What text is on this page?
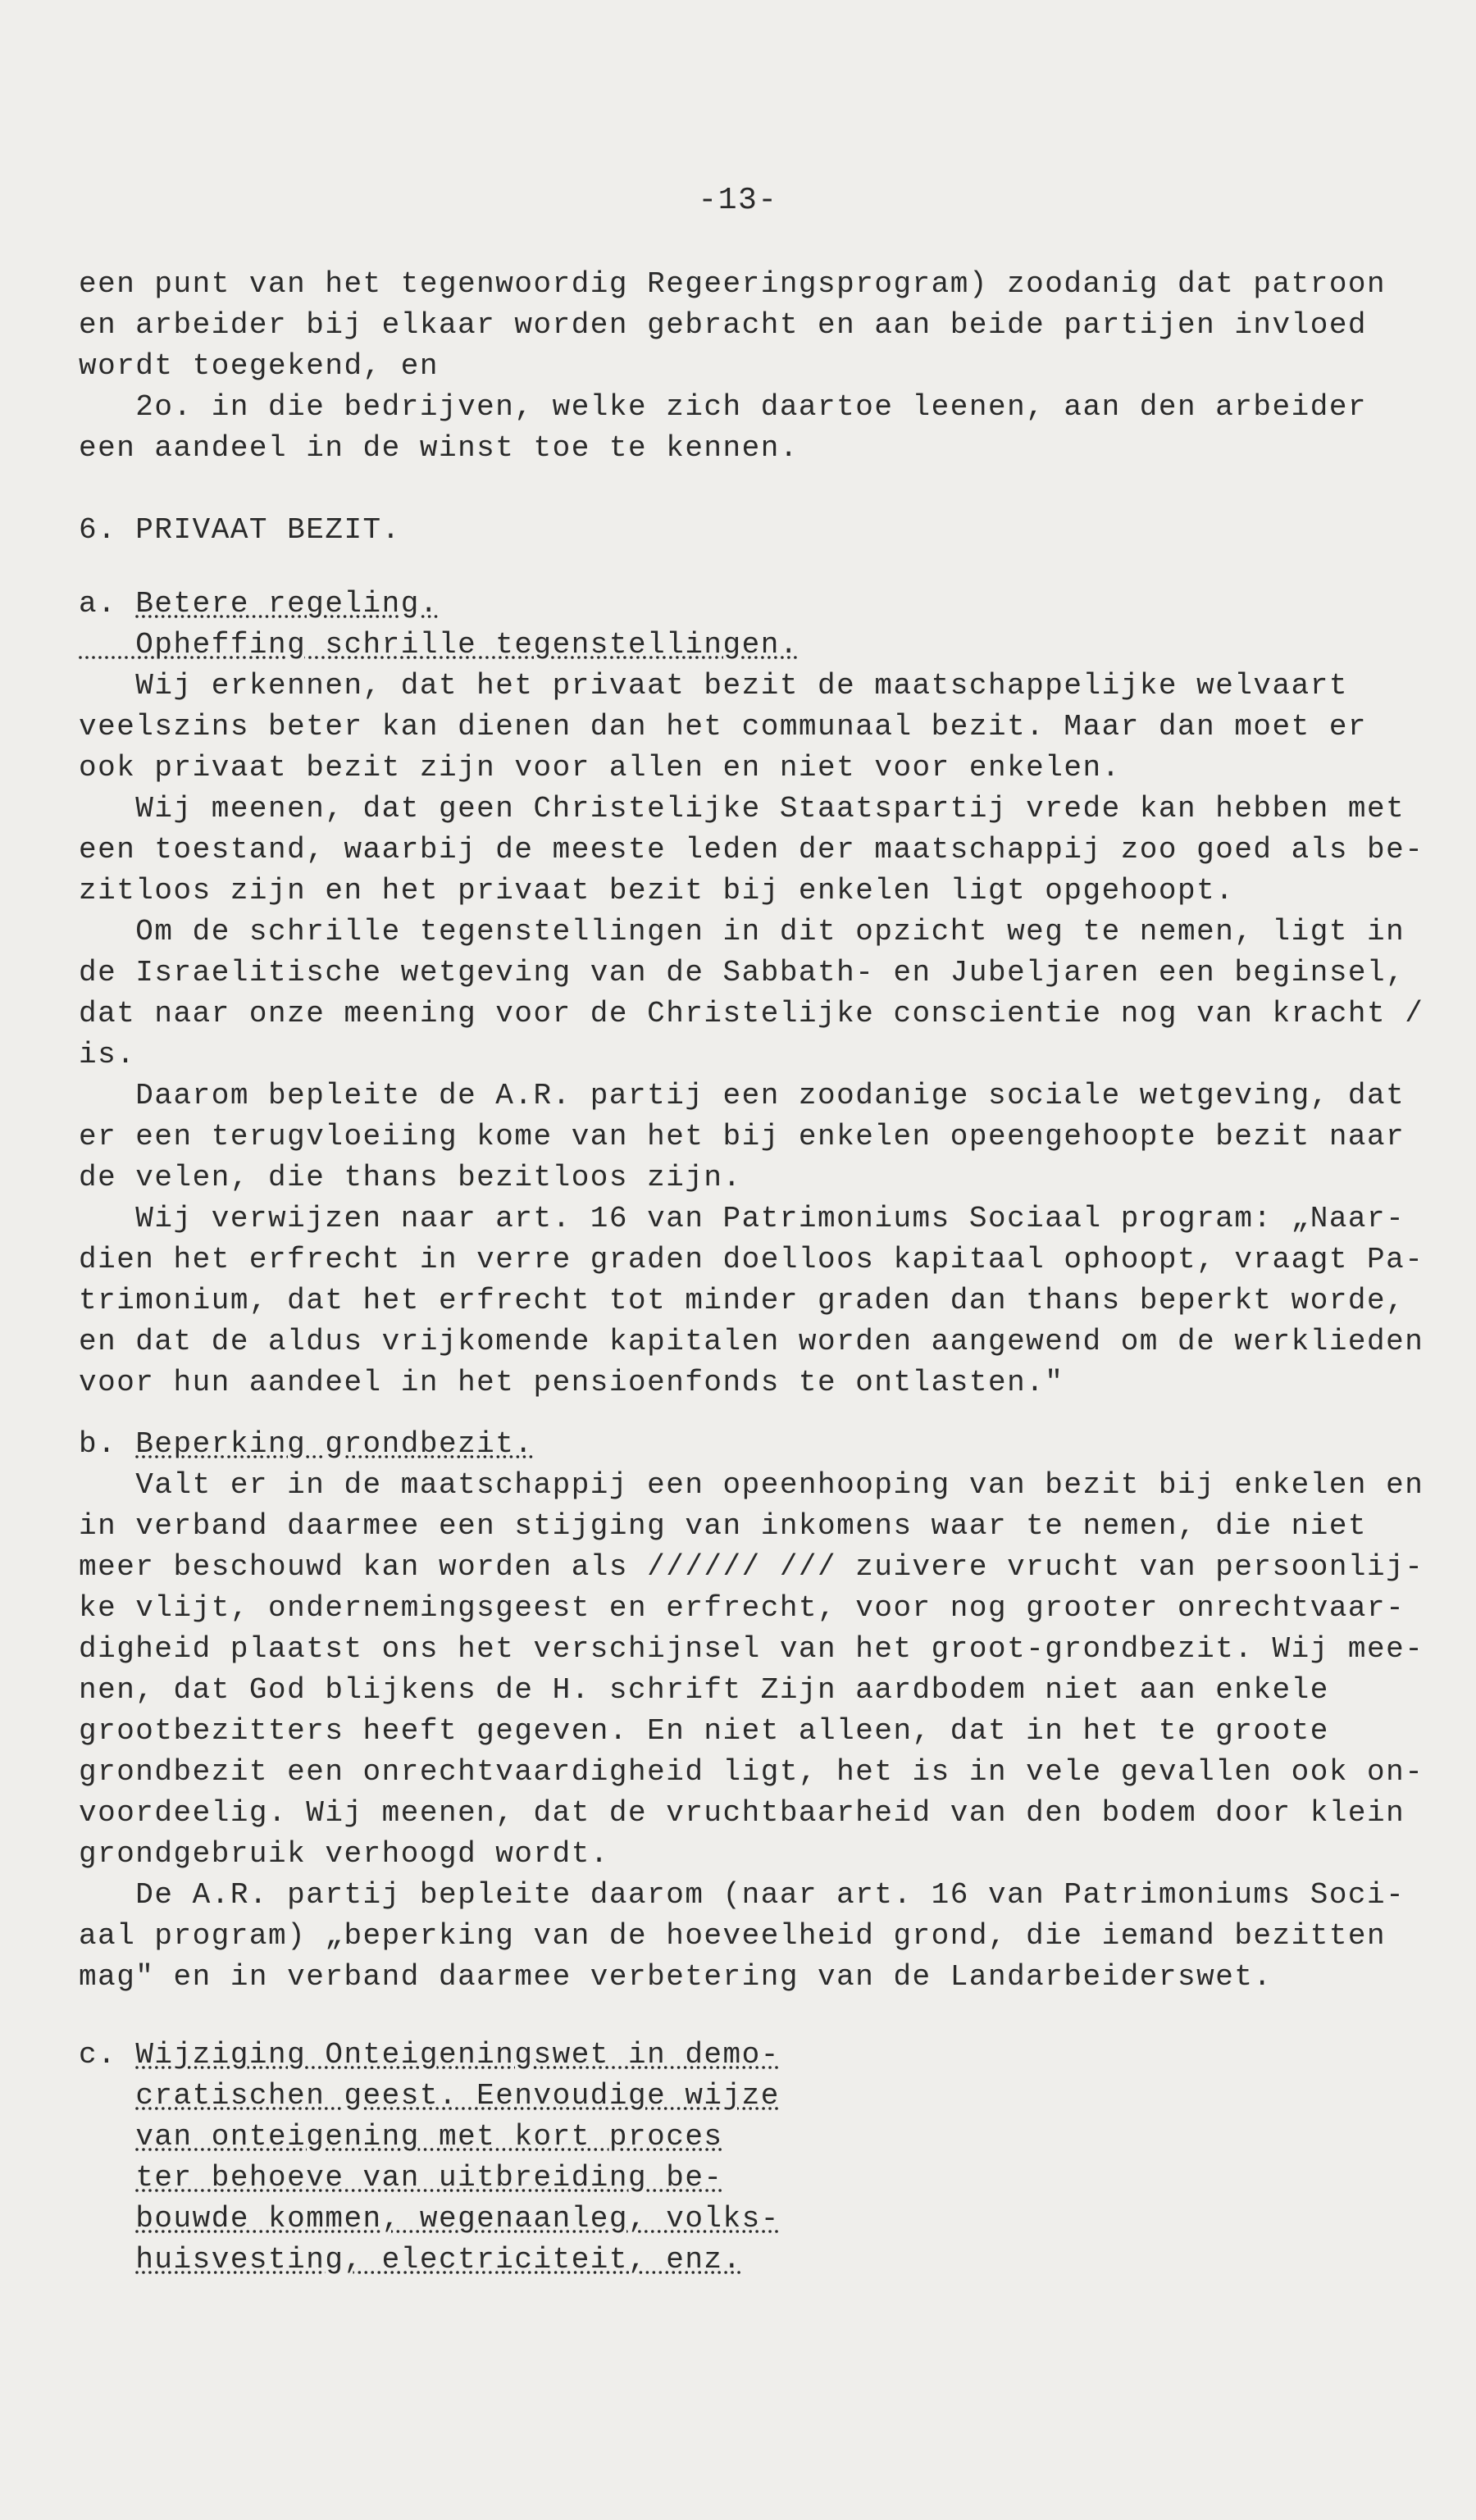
-13-
een punt van het tegenwoordig Regeeringsprogram) zoodanig dat patroon
en arbeider bij elkaar worden gebracht en aan beide partijen invloed
wordt toegekend, en
2o. in die bedrijven, welke zich daartoe leenen, aan den arbeider
een aandeel in de winst toe te kennen.
6. PRIVAAT BEZIT.
a. Betere regeling.
Opheffing schrille tegenstellingen.
Wij erkennen, dat het privaat bezit de maatschappelijke welvaart
veelszins beter kan dienen dan het communaal bezit. Maar dan moet er
ook privaat bezit zijn voor allen en niet voor enkelen.
Wij meenen, dat geen Christelijke Staatspartij vrede kan hebben met
een toestand, waarbij de meeste leden der maatschappij zoo goed als be-
zitloos zijn en het privaat bezit bij enkelen ligt opgehoopt.
Om de schrille tegenstellingen in dit opzicht weg te nemen, ligt in
de Israelitische wetgeving van de Sabbath- en Jubeljaren een beginsel,
dat naar onze meening voor de Christelijke conscientie nog van kracht /
is.
Daarom bepleite de A.R. partij een zoodanige sociale wetgeving, dat
er een terugvloeiing kome van het bij enkelen opeengehoopte bezit naar
de velen, die thans bezitloos zijn.
Wij verwijzen naar art. 16 van Patrimoniums Sociaal program: „Naar-
dien het erfrecht in verre graden doelloos kapitaal ophoopt, vraagt Pa-
trimonium, dat het erfrecht tot minder graden dan thans beperkt worde,
en dat de aldus vrijkomende kapitalen worden aangewend om de werklieden
voor hun aandeel in het pensioenfonds te ontlasten."
b. Beperking grondbezit.
Valt er in de maatschappij een opeenhooping van bezit bij enkelen en
in verband daarmee een stijging van inkomens waar te nemen, die niet
meer beschouwd kan worden als ////// /// zuivere vrucht van persoonlij-
ke vlijt, ondernemingsgeest en erfrecht, voor nog grooter onrechtvaar-
digheid plaatst ons het verschijnsel van het groot-grondbezit. Wij mee-
nen, dat God blijkens de H. schrift Zijn aardbodem niet aan enkele
grootbezitters heeft gegeven. En niet alleen, dat in het te groote
grondbezit een onrechtvaardigheid ligt, het is in vele gevallen ook on-
voordeelig. Wij meenen, dat de vruchtbaarheid van den bodem door klein
grondgebruik verhoogd wordt.
De A.R. partij bepleite daarom (naar art. 16 van Patrimoniums Soci-
aal program) „beperking van de hoeveelheid grond, die iemand bezitten
mag" en in verband daarmee verbetering van de Landarbeiderswet.
c. Wijziging Onteigeningswet in demo-
cratischen geest. Eenvoudige wijze
van onteigening met kort proces
ter behoeve van uitbreiding be-
bouwde kommen, wegenaanleg, volks-
huisvesting, electriciteit, enz.
